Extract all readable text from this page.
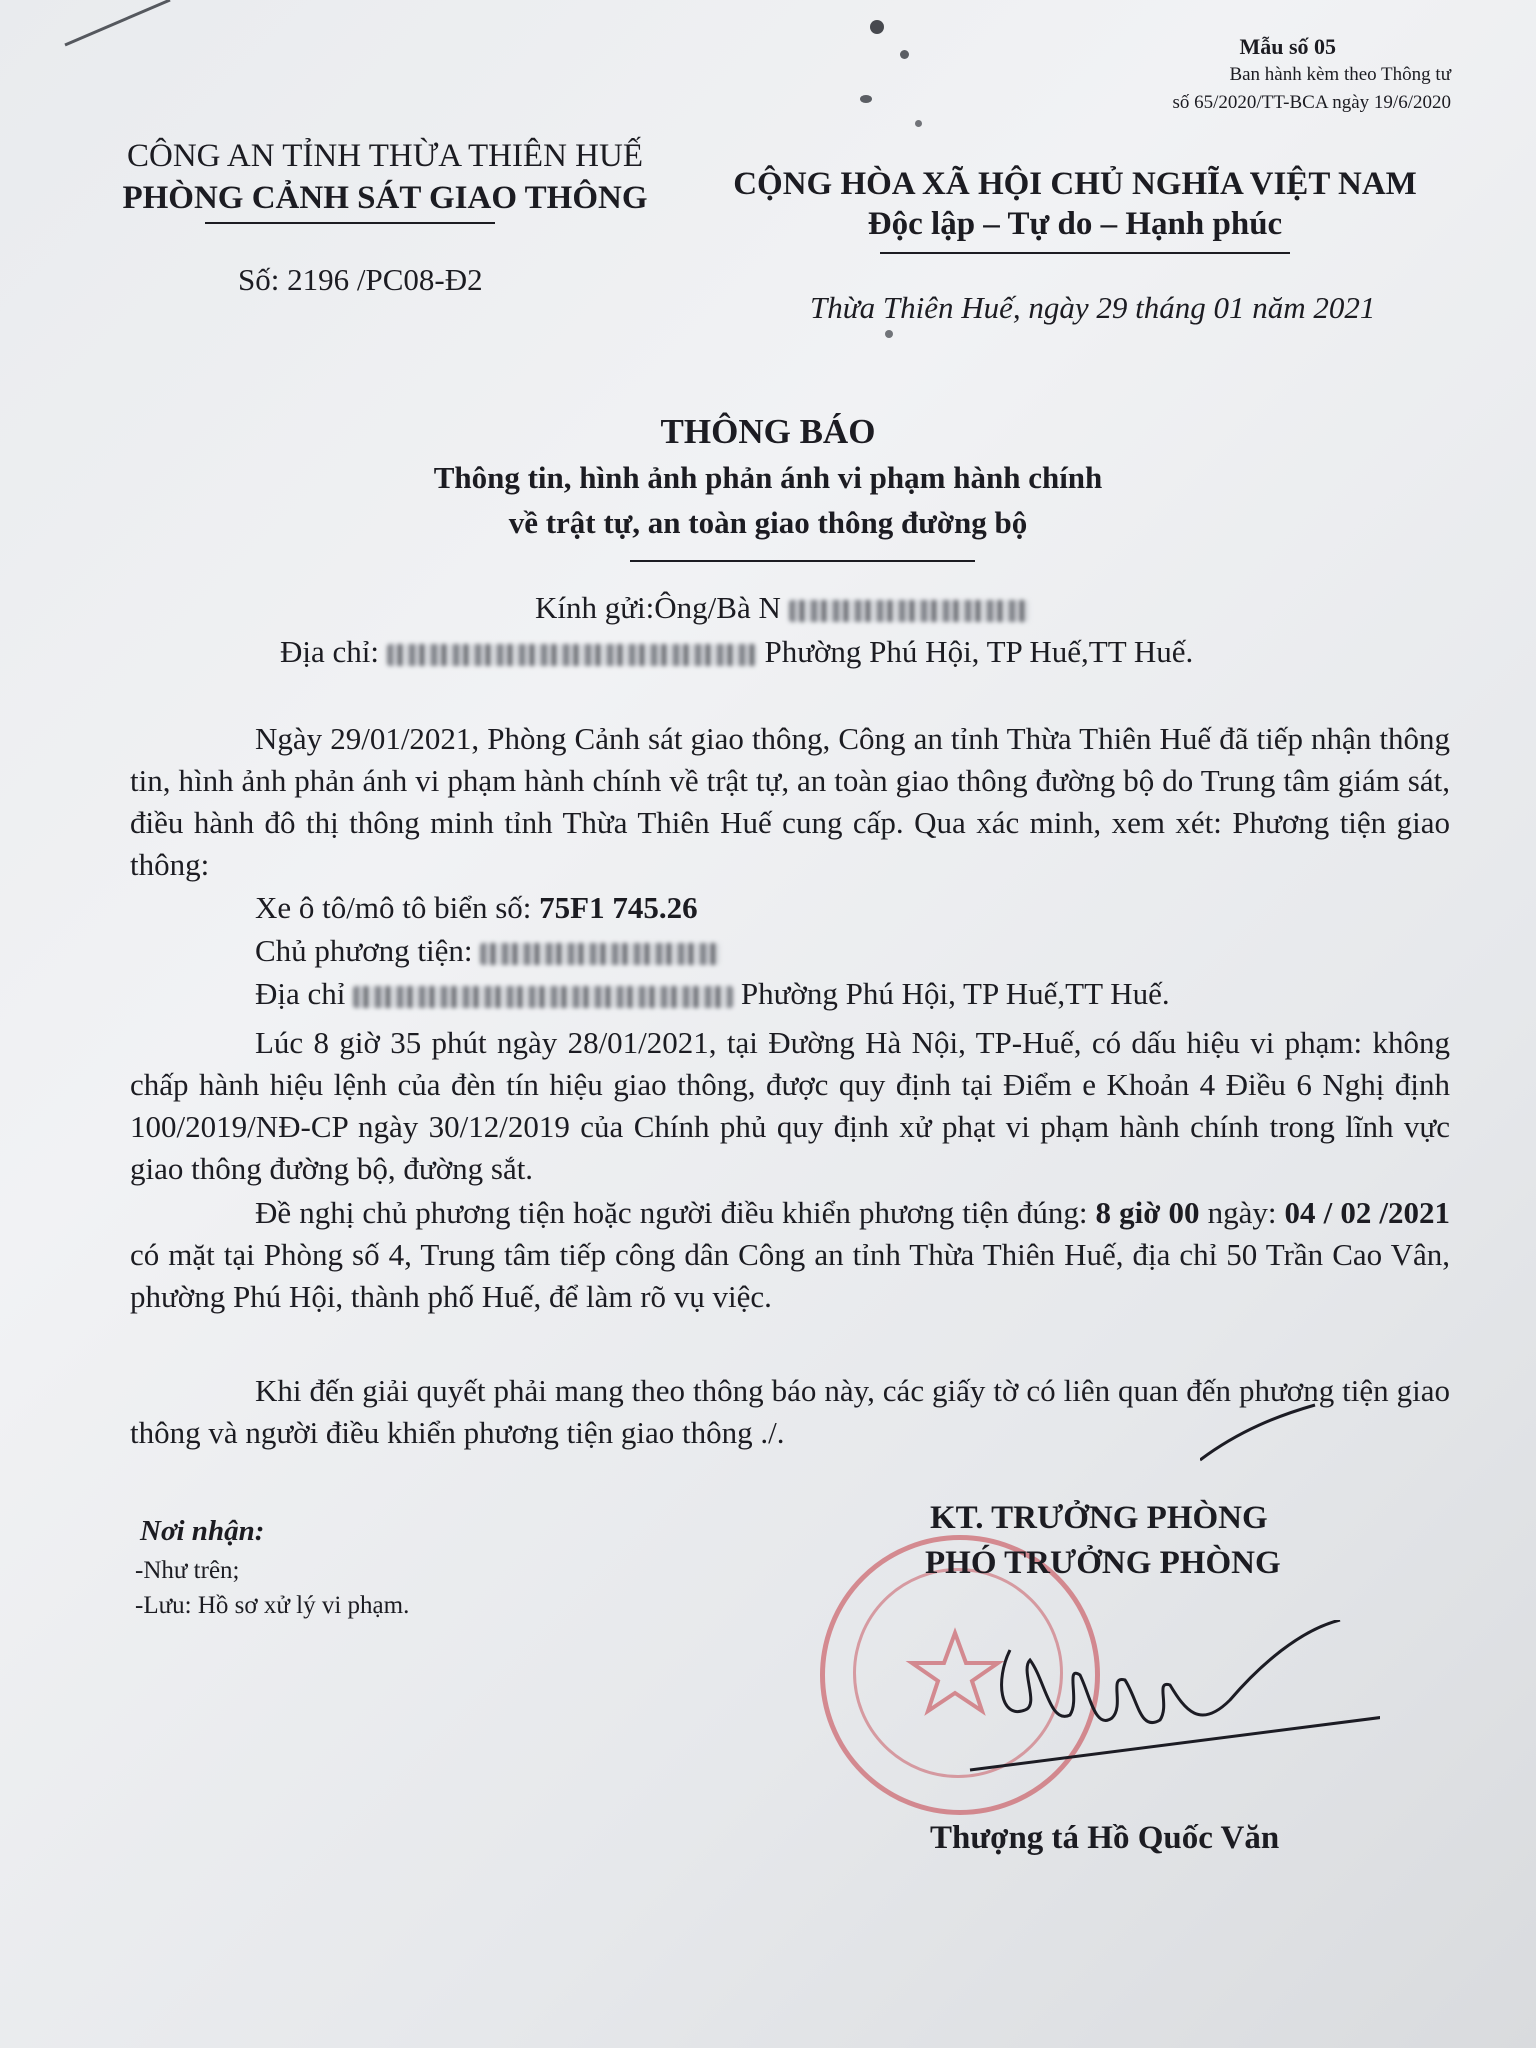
Mẫu số 05
Ban hành kèm theo Thông tư
số 65/2020/TT-BCA ngày 19/6/2020
CÔNG AN TỈNH THỪA THIÊN HUẾ
PHÒNG CẢNH SÁT GIAO THÔNG
Số: 2196 /PC08-Đ2
CỘNG HÒA XÃ HỘI CHỦ NGHĨA VIỆT NAM
Độc lập – Tự do – Hạnh phúc
Thừa Thiên Huế, ngày 29 tháng 01 năm 2021
THÔNG BÁO
Thông tin, hình ảnh phản ánh vi phạm hành chính
về trật tự, an toàn giao thông đường bộ
Kính gửi:Ông/Bà N
Địa chỉ:	Phường Phú Hội, TP Huế,TT Huế.
Ngày 29/01/2021, Phòng Cảnh sát giao thông, Công an tỉnh Thừa Thiên Huế đã tiếp nhận thông tin, hình ảnh phản ánh vi phạm hành chính về trật tự, an toàn giao thông đường bộ do Trung tâm giám sát, điều hành đô thị thông minh tỉnh Thừa Thiên Huế cung cấp. Qua xác minh, xem xét: Phương tiện giao thông:
Xe ô tô/mô tô biển số: 75F1 745.26
Chủ phương tiện:
Địa chỉ	Phường Phú Hội, TP Huế,TT Huế.
Lúc 8 giờ 35 phút ngày 28/01/2021, tại Đường Hà Nội, TP-Huế, có dấu hiệu vi phạm: không chấp hành hiệu lệnh của đèn tín hiệu giao thông, được quy định tại Điểm e Khoản 4 Điều 6 Nghị định 100/2019/NĐ-CP ngày 30/12/2019 của Chính phủ quy định xử phạt vi phạm hành chính trong lĩnh vực giao thông đường bộ, đường sắt.
Đề nghị chủ phương tiện hoặc người điều khiển phương tiện đúng: 8 giờ 00 ngày: 04 / 02 /2021 có mặt tại Phòng số 4, Trung tâm tiếp công dân Công an tỉnh Thừa Thiên Huế, địa chỉ 50 Trần Cao Vân, phường Phú Hội, thành phố Huế, để làm rõ vụ việc.
Khi đến giải quyết phải mang theo thông báo này, các giấy tờ có liên quan đến phương tiện giao thông và người điều khiển phương tiện giao thông ./.
Nơi nhận:
-Như trên;
-Lưu: Hồ sơ xử lý vi phạm.
KT. TRƯỞNG PHÒNG
PHÓ TRƯỞNG PHÒNG
Thượng tá Hồ Quốc Văn
